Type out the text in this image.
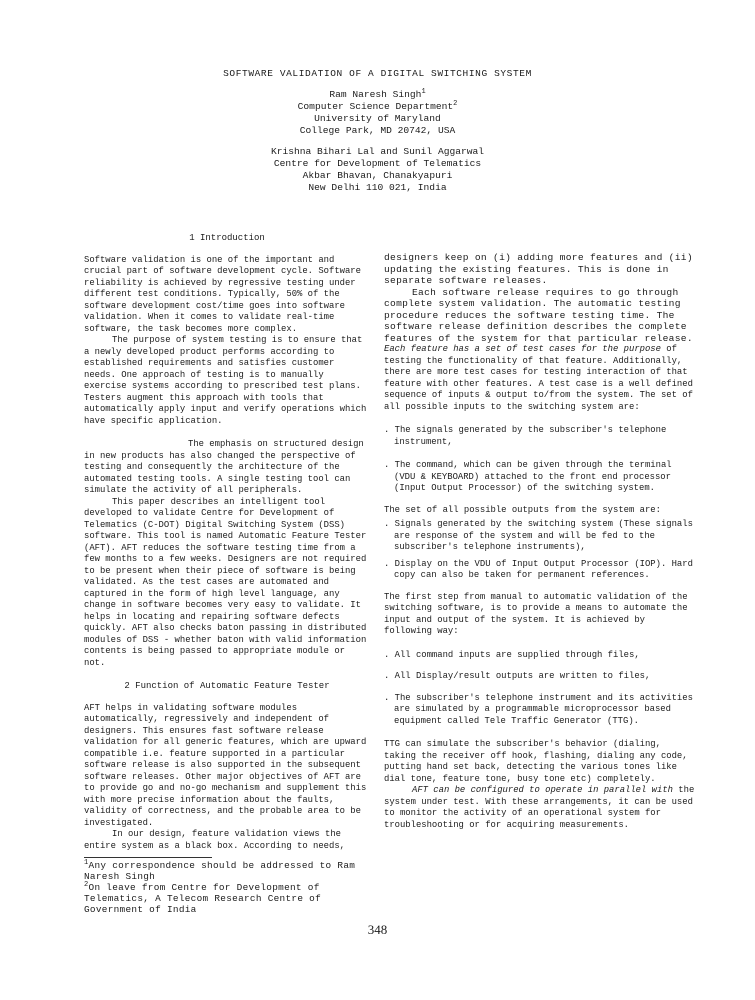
SOFTWARE VALIDATION OF A DIGITAL SWITCHING SYSTEM
Ram Naresh Singh$^1$
Computer Science Department$^2$
University of Maryland
College Park, MD 20742, USA
Krishna Bihari Lal and Sunil Aggarwal
Centre for Development of Telematics
Akbar Bhavan, Chanakyapuri
New Delhi 110 021, India

1 Introduction

Software validation is one of the important and crucial part of software development cycle. Software reliability is achieved by regressive testing under different test conditions. Typically, 50% of the software development cost/time goes into software validation. When it comes to validate real-time software, the task becomes more complex.

The purpose of system testing is to ensure that a newly developed product performs according to established requirements and satisfies customer needs. One approach of testing is to manually exercise systems according to prescribed test plans. Testers augment this approach with tools that automatically apply input and verify operations which have specific application.

The emphasis on structured design in new products has also changed the perspective of testing and consequently the architecture of the automated testing tools. A single testing tool can simulate the activity of all peripherals.

This paper describes an intelligent tool developed to validate Centre for Development of Telematics (C-DOT) Digital Switching System (DSS) software. This tool is named Automatic Feature Tester (AFT). AFT reduces the software testing time from a few months to a few weeks. Designers are not required to be present when their piece of software is being validated. As the test cases are automated and captured in the form of high level language, any change in software becomes very easy to validate. It helps in locating and repairing software defects quickly. AFT also checks baton passing in distributed modules of DSS - whether baton with valid information contents is being passed to appropriate module or not.

2 Function of Automatic Feature Tester

AFT helps in validating software modules automatically, regressively and independent of designers. This ensures fast software release validation for all generic features, which are upward compatible i.e. feature supported in a particular software release is also supported in the subsequent software releases. Other major objectives of AFT are to provide go and no-go mechanism and supplement this with more precise information about the faults, validity of correctness, and the probable area to be investigated.

In our design, feature validation views the entire system as a black box. According to needs,

$^1$Any correspondence should be addressed to Ram Naresh Singh

$^2$On leave from Centre for Development of Telematics, A Telecom Research Centre of Government of India

designers keep on (i) adding more features and (ii) updating the existing features. This is done in separate software releases.

Each software release requires to go through complete system validation. The automatic testing procedure reduces the software testing time. The software release definition describes the complete features of the system for that particular release.

Each feature has a set of test cases for the purpose of testing the functionality of that feature. Additionally, there are more test cases for testing interaction of that feature with other features. A test case is a well defined sequence of inputs & output to/from the system. The set of all possible inputs to the switching system are:

. The signals generated by the subscriber's telephone instrument,

. The command, which can be given through the terminal (VDU & KEYBOARD) attached to the front end processor (Input Output Processor) of the switching system.

The set of all possible outputs from the system are:

. Signals generated by the switching system (These signals are response of the system and will be fed to the subscriber's telephone instruments),

. Display on the VDU of Input Output Processor (IOP). Hard copy can also be taken for permanent references.

The first step from manual to automatic validation of the switching software, is to provide a means to automate the input and output of the system. It is achieved by following way:

. All command inputs are supplied through files,

. All Display/result outputs are written to files,

. The subscriber's telephone instrument and its activities are simulated by a programmable microprocessor based equipment called Tele Traffic Generator (TTG).

TTG can simulate the subscriber's behavior (dialing, taking the receiver off hook, flashing, dialing any code, putting hand set back, detecting the various tones like dial tone, feature tone, busy tone etc) completely.

AFT can be configured to operate in parallel with the system under test. With these arrangements, it can be used to monitor the activity of an operational system for troubleshooting or for acquiring measurements.

348
